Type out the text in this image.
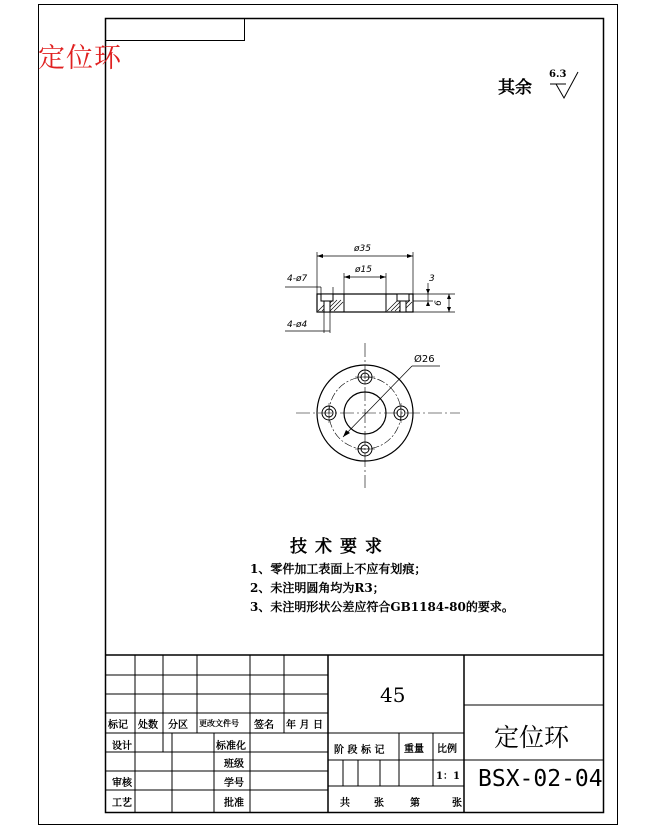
定位环
其余
6.3
ø35
ø15
4-ø7
4-ø4
3
6
Ø26
技术要求
1、零件加工表面上不应有划痕；
2、未注明圆角均为R3；
3、未注明形状公差应符合GB1184-80的要求。
标记 处数 分区 更改文件号 签名 年 月 日
设计
审核
工艺
标准化
班级
学号
批准
45
阶 段 标 记 重量 比例
1：1
共 张	第	张
定位环
BSX-02-04
